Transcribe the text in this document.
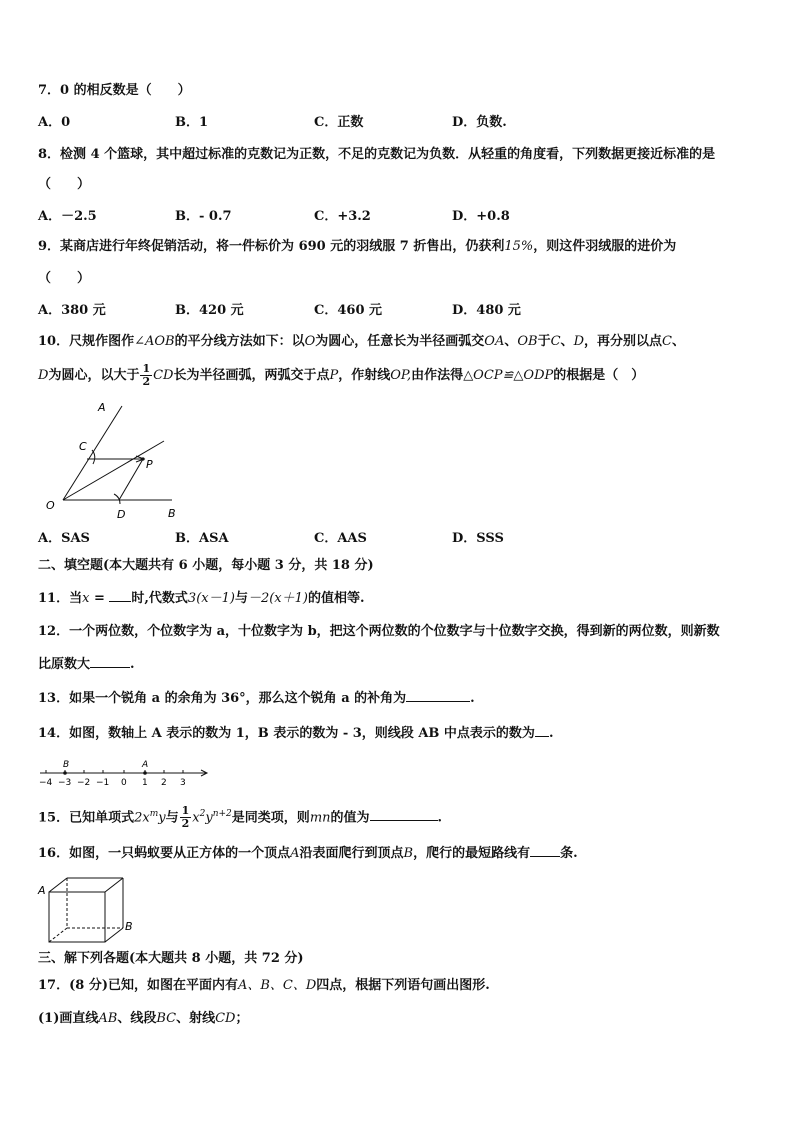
7．0 的相反数是（　　）
A．0	B．1	C．正数	D．负数.
8．检测 4 个篮球，其中超过标准的克数记为正数，不足的克数记为负数．从轻重的角度看，下列数据更接近标准的是
（　　）
A．－2.5	B．- 0.7	C．+3.2	D．+0.8
9．某商店进行年终促销活动，将一件标价为 690 元的羽绒服 7 折售出，仍获利15%，则这件羽绒服的进价为
（　　）
A．380 元	B．420 元	C．460 元	D．480 元
10．尺规作图作∠AOB的平分线方法如下：以O为圆心，任意长为半径画弧交OA、OB于C、D，再分别以点C、
D为圆心，以大于 $\frac{1}{2}$ CD长为半径画弧，两弧交于点P，作射线OP,由作法得△OCP≌△ODP的根据是（　）
A
C
P
O
D	B
A．SAS	B．ASA	C．AAS	D．SSS
二、填空题(本大题共有 6 小题，每小题 3 分，共 18 分)
11．当x = 时,代数式3(x－1)与－2(x＋1)的值相等.
12．一个两位数，个位数字为 a，十位数字为 b，把这个两位数的个位数字与十位数字交换，得到新的两位数，则新数
比原数大	.
13．如果一个锐角 a 的余角为 36°，那么这个锐角 a 的补角为	.
14．如图，数轴上 A 表示的数为 1，B 表示的数为 - 3，则线段 AB 中点表示的数为 .
B	A
−4 −3 −2 −1 0 1 2 3
15．已知单项式$2x^my$与 $\frac{1}{2} x^2y^{n+2}$是同类项，则mn的值为	.
16．如图，一只蚂蚁要从正方体的一个顶点A沿表面爬行到顶点B，爬行的最短路线有 条.
A
B
三、解下列各题(本大题共 8 小题，共 72 分)
17．(8 分)已知，如图在平面内有A、B、C、D四点，根据下列语句画出图形.
(1)画直线AB、线段BC、射线CD；
